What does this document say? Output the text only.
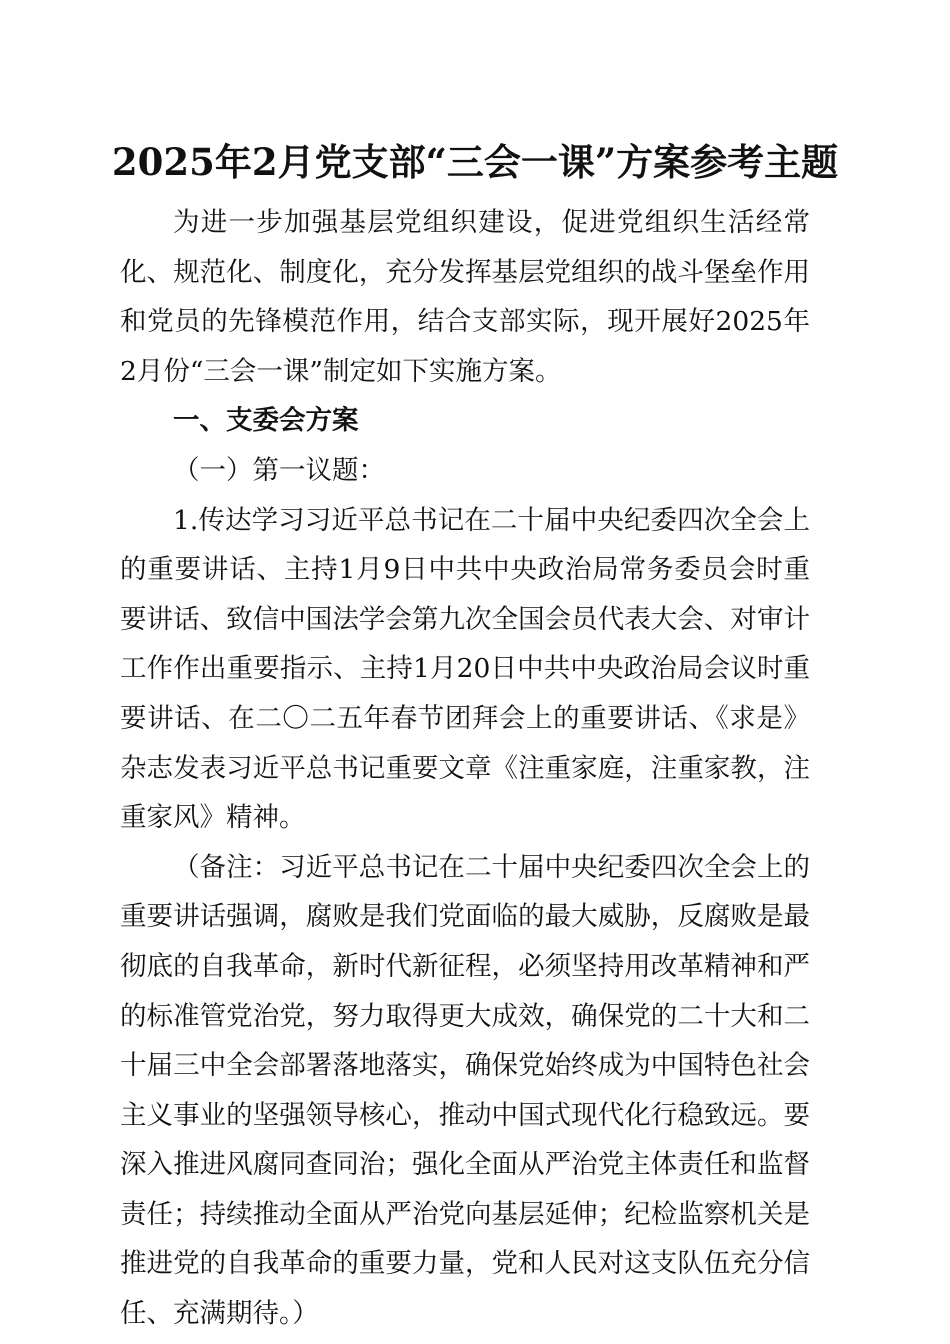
2025年2月党支部“三会一课”方案参考主题

为进一步加强基层党组织建设，促进党组织生活经常化、规范化、制度化，充分发挥基层党组织的战斗堡垒作用和党员的先锋模范作用，结合支部实际，现开展好2025年2月份“三会一课”制定如下实施方案。

一、支委会方案

（一）第一议题：

1.传达学习习近平总书记在二十届中央纪委四次全会上的重要讲话、主持1月9日中共中央政治局常务委员会时重要讲话、致信中国法学会第九次全国会员代表大会、对审计工作作出重要指示、主持1月20日中共中央政治局会议时重要讲话、在二〇二五年春节团拜会上的重要讲话、《求是》杂志发表习近平总书记重要文章《注重家庭，注重家教，注重家风》精神。

（备注：习近平总书记在二十届中央纪委四次全会上的重要讲话强调，腐败是我们党面临的最大威胁，反腐败是最彻底的自我革命，新时代新征程，必须坚持用改革精神和严的标准管党治党，努力取得更大成效，确保党的二十大和二十届三中全会部署落地落实，确保党始终成为中国特色社会主义事业的坚强领导核心，推动中国式现代化行稳致远。要深入推进风腐同查同治；强化全面从严治党主体责任和监督责任；持续推动全面从严治党向基层延伸；纪检监察机关是推进党的自我革命的重要力量，党和人民对这支队伍充分信任、充满期待。）
